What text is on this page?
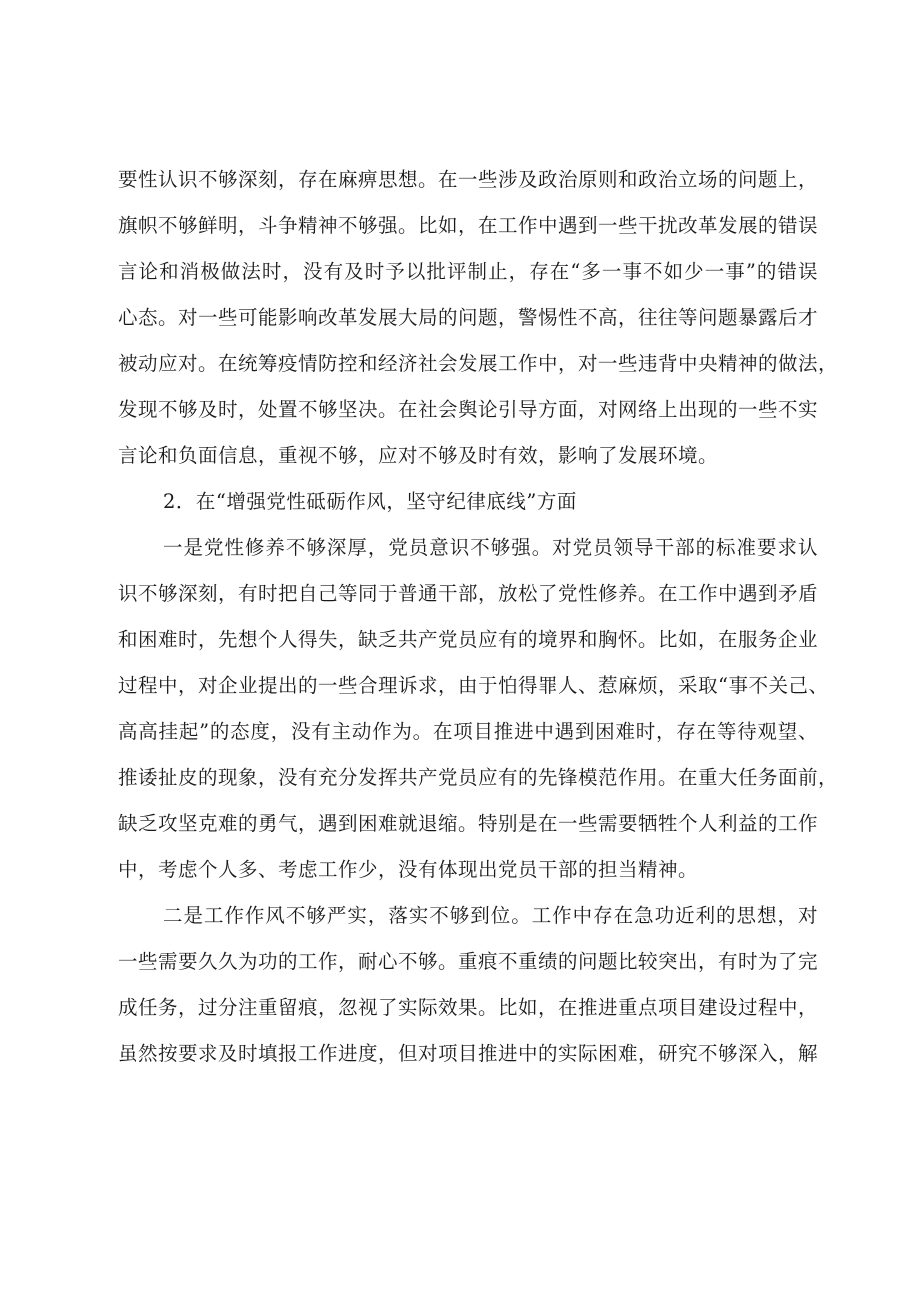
要性认识不够深刻，存在麻痹思想。在一些涉及政治原则和政治立场的问题上，
旗帜不够鲜明，斗争精神不够强。比如，在工作中遇到一些干扰改革发展的错误
言论和消极做法时，没有及时予以批评制止，存在“多一事不如少一事”的错误
心态。对一些可能影响改革发展大局的问题，警惕性不高，往往等问题暴露后才
被动应对。在统筹疫情防控和经济社会发展工作中，对一些违背中央精神的做法，
发现不够及时，处置不够坚决。在社会舆论引导方面，对网络上出现的一些不实
言论和负面信息，重视不够，应对不够及时有效，影响了发展环境。
2．在“增强党性砥砺作风，坚守纪律底线”方面
一是党性修养不够深厚，党员意识不够强。对党员领导干部的标准要求认
识不够深刻，有时把自己等同于普通干部，放松了党性修养。在工作中遇到矛盾
和困难时，先想个人得失，缺乏共产党员应有的境界和胸怀。比如，在服务企业
过程中，对企业提出的一些合理诉求，由于怕得罪人、惹麻烦，采取“事不关己、
高高挂起”的态度，没有主动作为。在项目推进中遇到困难时，存在等待观望、
推诿扯皮的现象，没有充分发挥共产党员应有的先锋模范作用。在重大任务面前，
缺乏攻坚克难的勇气，遇到困难就退缩。特别是在一些需要牺牲个人利益的工作
中，考虑个人多、考虑工作少，没有体现出党员干部的担当精神。
二是工作作风不够严实，落实不够到位。工作中存在急功近利的思想，对
一些需要久久为功的工作，耐心不够。重痕不重绩的问题比较突出，有时为了完
成任务，过分注重留痕，忽视了实际效果。比如，在推进重点项目建设过程中，
虽然按要求及时填报工作进度，但对项目推进中的实际困难，研究不够深入，解
